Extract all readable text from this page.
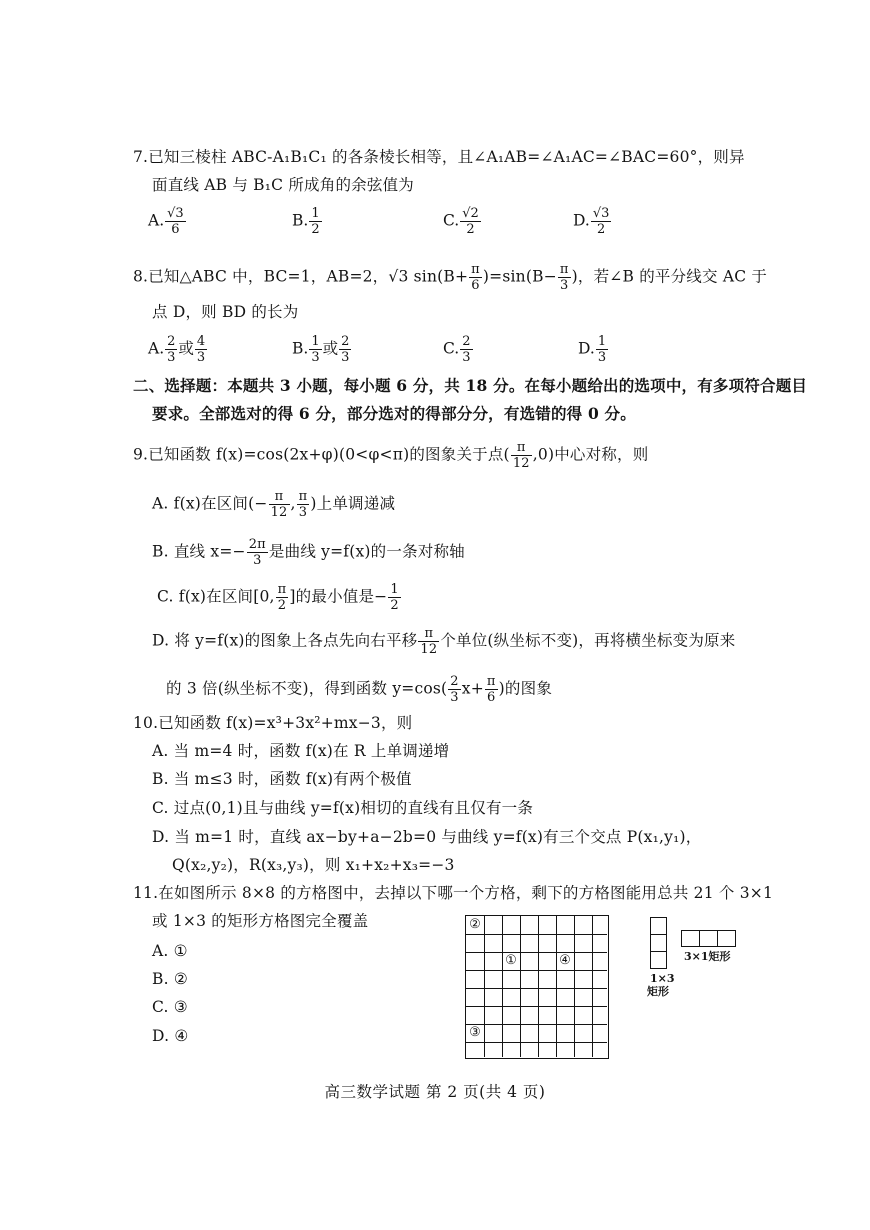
7.已知三棱柱 ABC-A₁B₁C₁ 的各条棱长相等，且∠A₁AB=∠A₁AC=∠BAC=60°，则异
面直线 AB 与 B₁C 所成角的余弦值为
A. $\frac{√3}{6}$	B. $\frac{1}{2}$	C. $\frac{√2}{2}$	D. $\frac{√3}{2}$
8.已知△ABC 中，BC=1，AB=2，√3 $\sin(B+ \frac{\pi}{6} )=\sin(B- \frac{\pi}{3}$ )，若∠B 的平分线交 AC 于
点 D，则 BD 的长为
A. $\frac{2}{3}$ 或 $\frac{4}{3}$	B. $\frac{1}{3}$ 或 $\frac{2}{3}$	C. $\frac{2}{3}$	D. $\frac{1}{3}$
二、选择题：本题共 3 小题，每小题 6 分，共 18 分。在每小题给出的选项中，有多项符合题目
要求。全部选对的得 6 分，部分选对的得部分分，有选错的得 0 分。
9.已知函数 f(x)=cos(2x+φ)(0<φ<π)的图象关于点( $\frac{\pi}{12} ,0$)中心对称，则
A. f(x)在区间(− $\frac{\pi}{12}$ , $\frac{\pi}{3}$ )上单调递减
B. 直线 $x=- \frac{2\pi}{3}$ 是曲线 y=f(x)的一条对称轴
C. f(x)在区间[0, $\frac{\pi}{2}$ ]的最小值是− $\frac{1}{2}$
D. 将 y=f(x)的图象上各点先向右平移 $\frac{\pi}{12}$ 个单位(纵坐标不变)，再将横坐标变为原来
的 3 倍(纵坐标不变)，得到函数 $y=\cos( \frac{2}{3} x+ \frac{\pi}{6}$ )的图象
10.已知函数 f(x)=x³+3x²+mx−3，则
A. 当 m=4 时，函数 f(x)在 R 上单调递增
B. 当 m≤3 时，函数 f(x)有两个极值
C. 过点(0,1)且与曲线 y=f(x)相切的直线有且仅有一条
D. 当 m=1 时，直线 ax−by+a−2b=0 与曲线 y=f(x)有三个交点 P(x₁,y₁)，
Q(x₂,y₂)，R(x₃,y₃)，则 x₁+x₂+x₃=−3
11.在如图所示 8×8 的方格图中，去掉以下哪一个方格，剩下的方格图能用总共 21 个 3×1
或 1×3 的矩形方格图完全覆盖
A. ①
B. ②
C. ③
D. ④
②
①	④
③
1×3
矩形
3×1矩形
高三数学试题 第 2 页(共 4 页)
